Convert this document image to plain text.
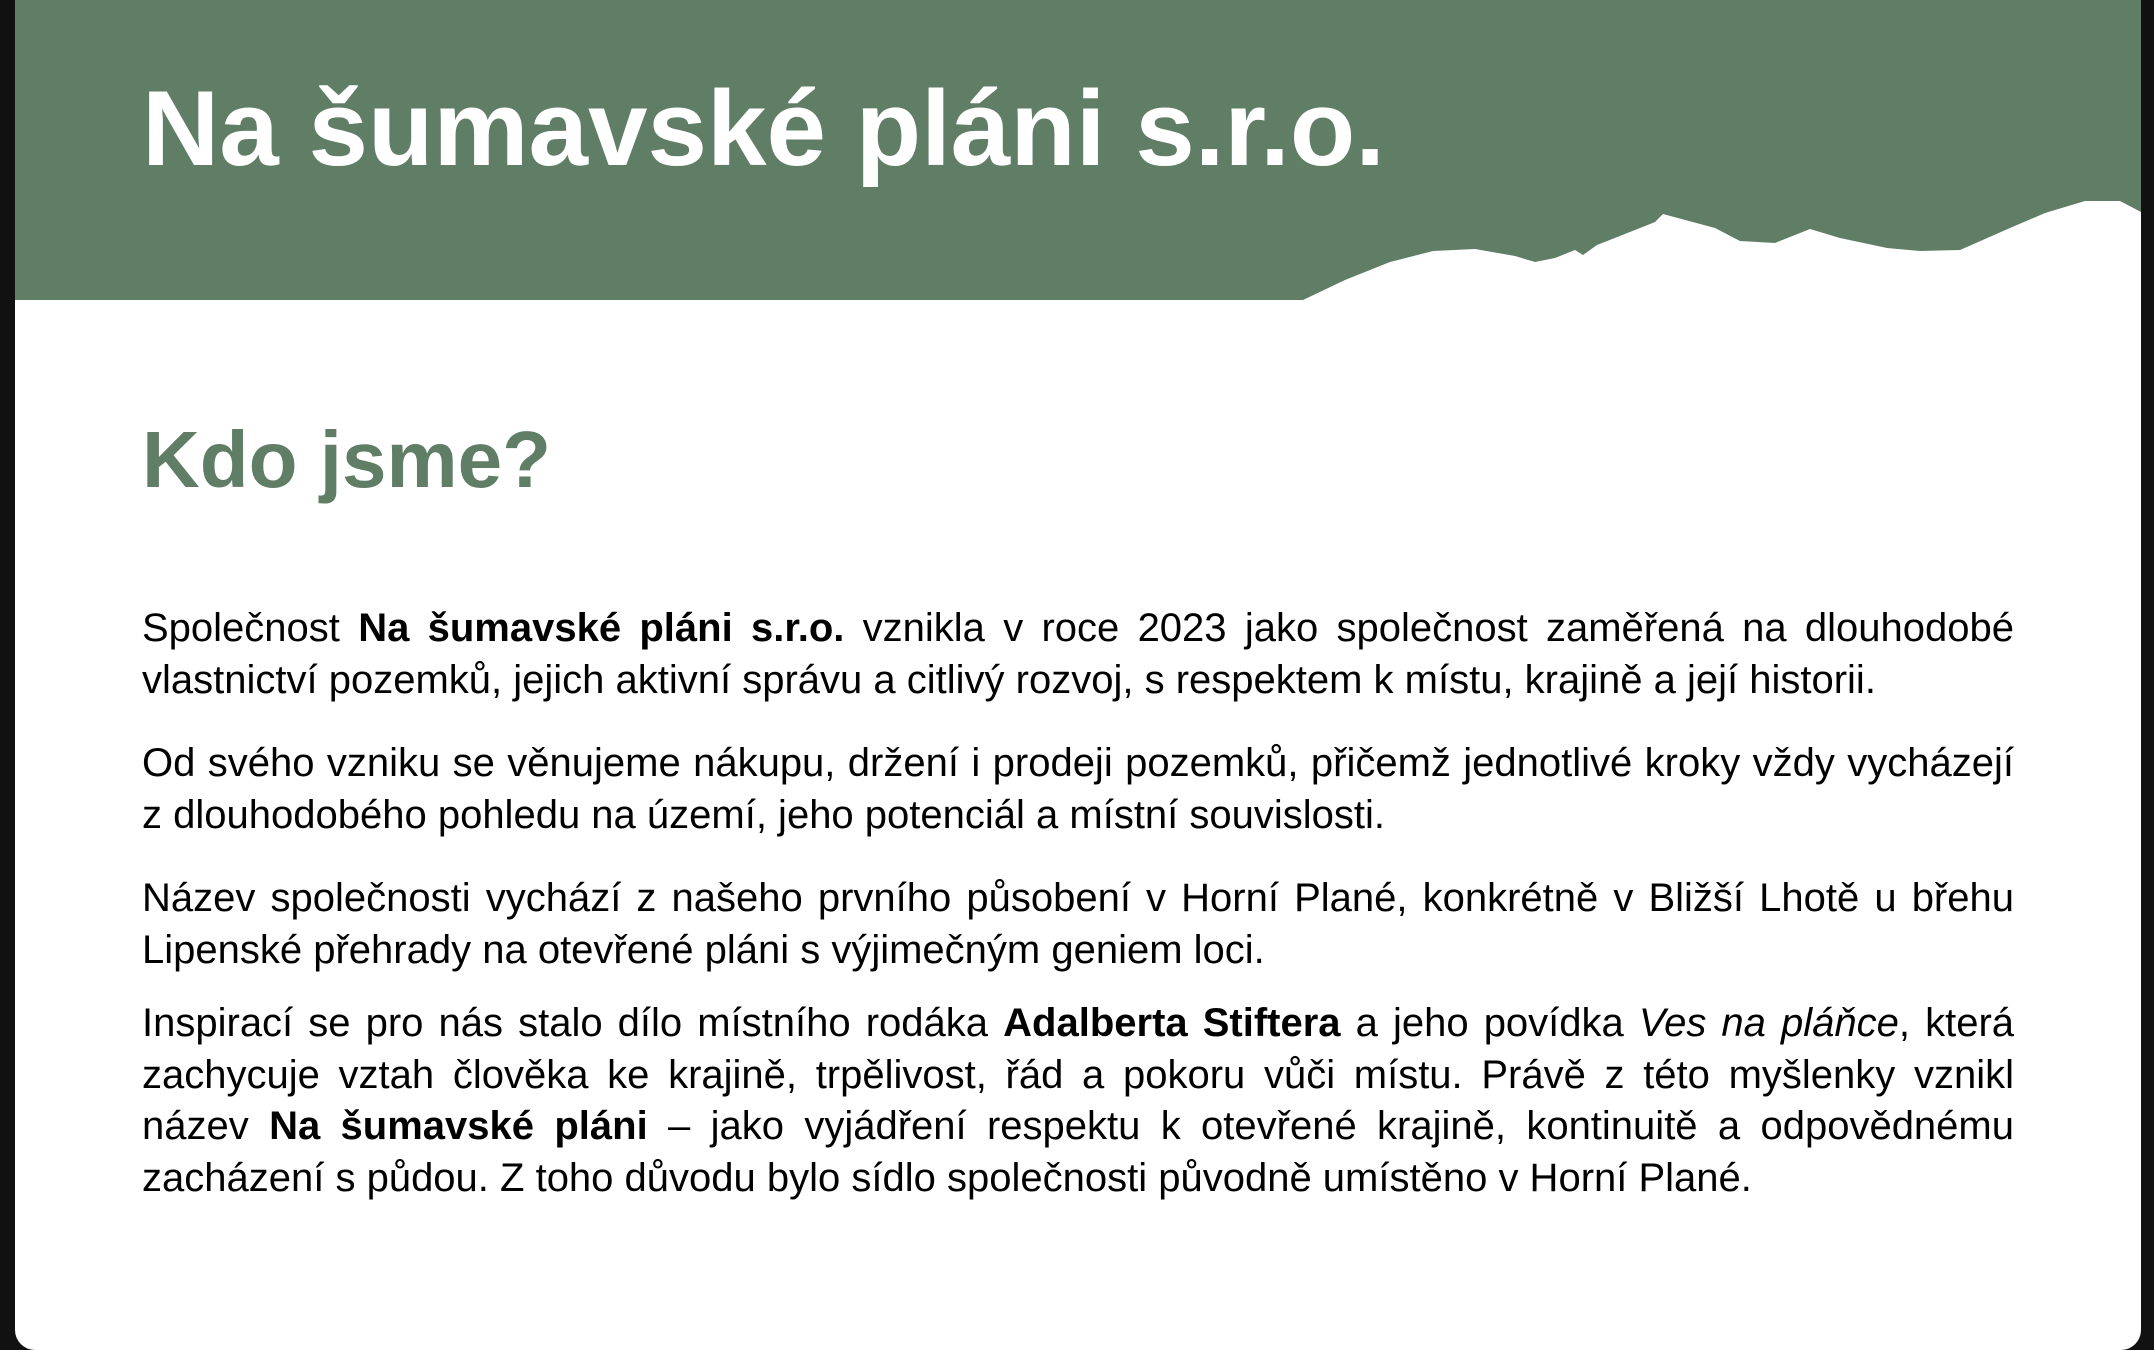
Na šumavské pláni s.r.o.
Kdo jsme?

Společnost Na šumavské pláni s.r.o. vznikla v roce 2023 jako společnost zaměřená na dlouhodobé vlastnictví pozemků, jejich aktivní správu a citlivý rozvoj, s respektem k místu, krajině a její historii.

Od svého vzniku se věnujeme nákupu, držení i prodeji pozemků, přičemž jednotlivé kroky vždy vycházejí z dlouhodobého pohledu na území, jeho potenciál a místní souvislosti.

Název společnosti vychází z našeho prvního působení v Horní Plané, konkrétně v Bližší Lhotě u břehu Lipenské přehrady na otevřené pláni s výjimečným geniem loci.

Inspirací se pro nás stalo dílo místního rodáka Adalberta Stiftera a jeho povídka Ves na pláňce, která zachycuje vztah člověka ke krajině, trpělivost, řád a pokoru vůči místu. Právě z této myšlenky vznikl název Na šumavské pláni – jako vyjádření respektu k otevřené krajině, kontinuitě a odpovědnému zacházení s půdou. Z toho důvodu bylo sídlo společnosti původně umístěno v Horní Plané.
